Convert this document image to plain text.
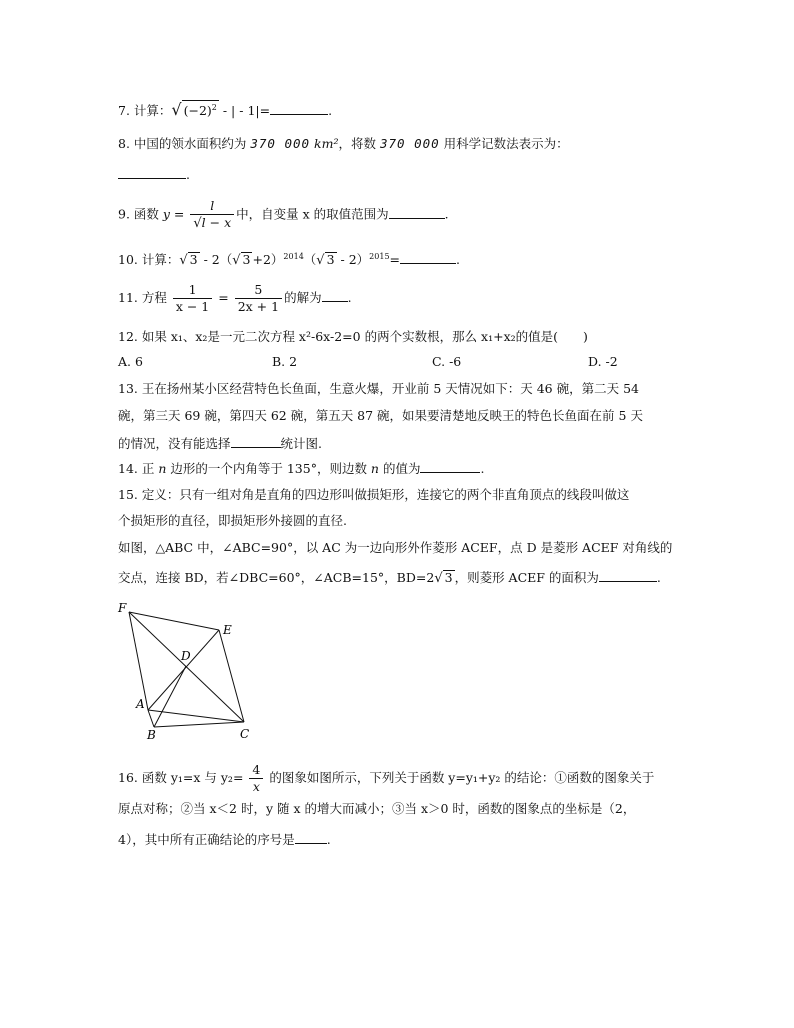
7. 计算：√ $(-2)^2$ - | - 1|=	.
8. 中国的领水面积约为 370 000 km²，将数 370 000 用科学记数法表示为：
.
9. 函数 $y = \frac{l}{√l - x}$ 中，自变量 x 的取值范围为	.
10. 计算：√ 3 - 2（√ 3 +2）$^{2014}$（√ 3 - 2）$^{2015}$=	.
11. 方程 $\frac{1}{x - 1} = \frac{5}{2x + 1}$ 的解为 .
12. 如果 x₁、x₂是一元二次方程 x²-6x-2=0 的两个实数根，那么 x₁+x₂的值是(　　)
A. 6	B. 2	C. -6	D. -2
13. 王在扬州某小区经营特色长鱼面，生意火爆，开业前 5 天情况如下：天 46 碗，第二天 54
碗，第三天 69 碗，第四天 62 碗，第五天 87 碗，如果要清楚地反映王的特色长鱼面在前 5 天
的情况，没有能选择	统计图.
14. 正 n 边形的一个内角等于 135°，则边数 n 的值为	.
15. 定义：只有一组对角是直角的四边形叫做损矩形，连接它的两个非直角顶点的线段叫做这
个损矩形的直径，即损矩形外接圆的直径.
如图，△ABC 中，∠ABC=90°，以 AC 为一边向形外作菱形 ACEF，点 D 是菱形 ACEF 对角线的
交点，连接 BD，若∠DBC=60°，∠ACB=15°，BD=2√ 3 ，则菱形 ACEF 的面积为	.
F
E
D
A
B	C
16. 函数 y₁=x 与 $y_2= \frac{4}{x}$ 的图象如图所示，下列关于函数 y=y₁+y₂ 的结论：①函数的图象关于
原点对称；②当 x＜2 时，y 随 x 的增大而减小；③当 x＞0 时，函数的图象点的坐标是（2，
4），其中所有正确结论的序号是	.
